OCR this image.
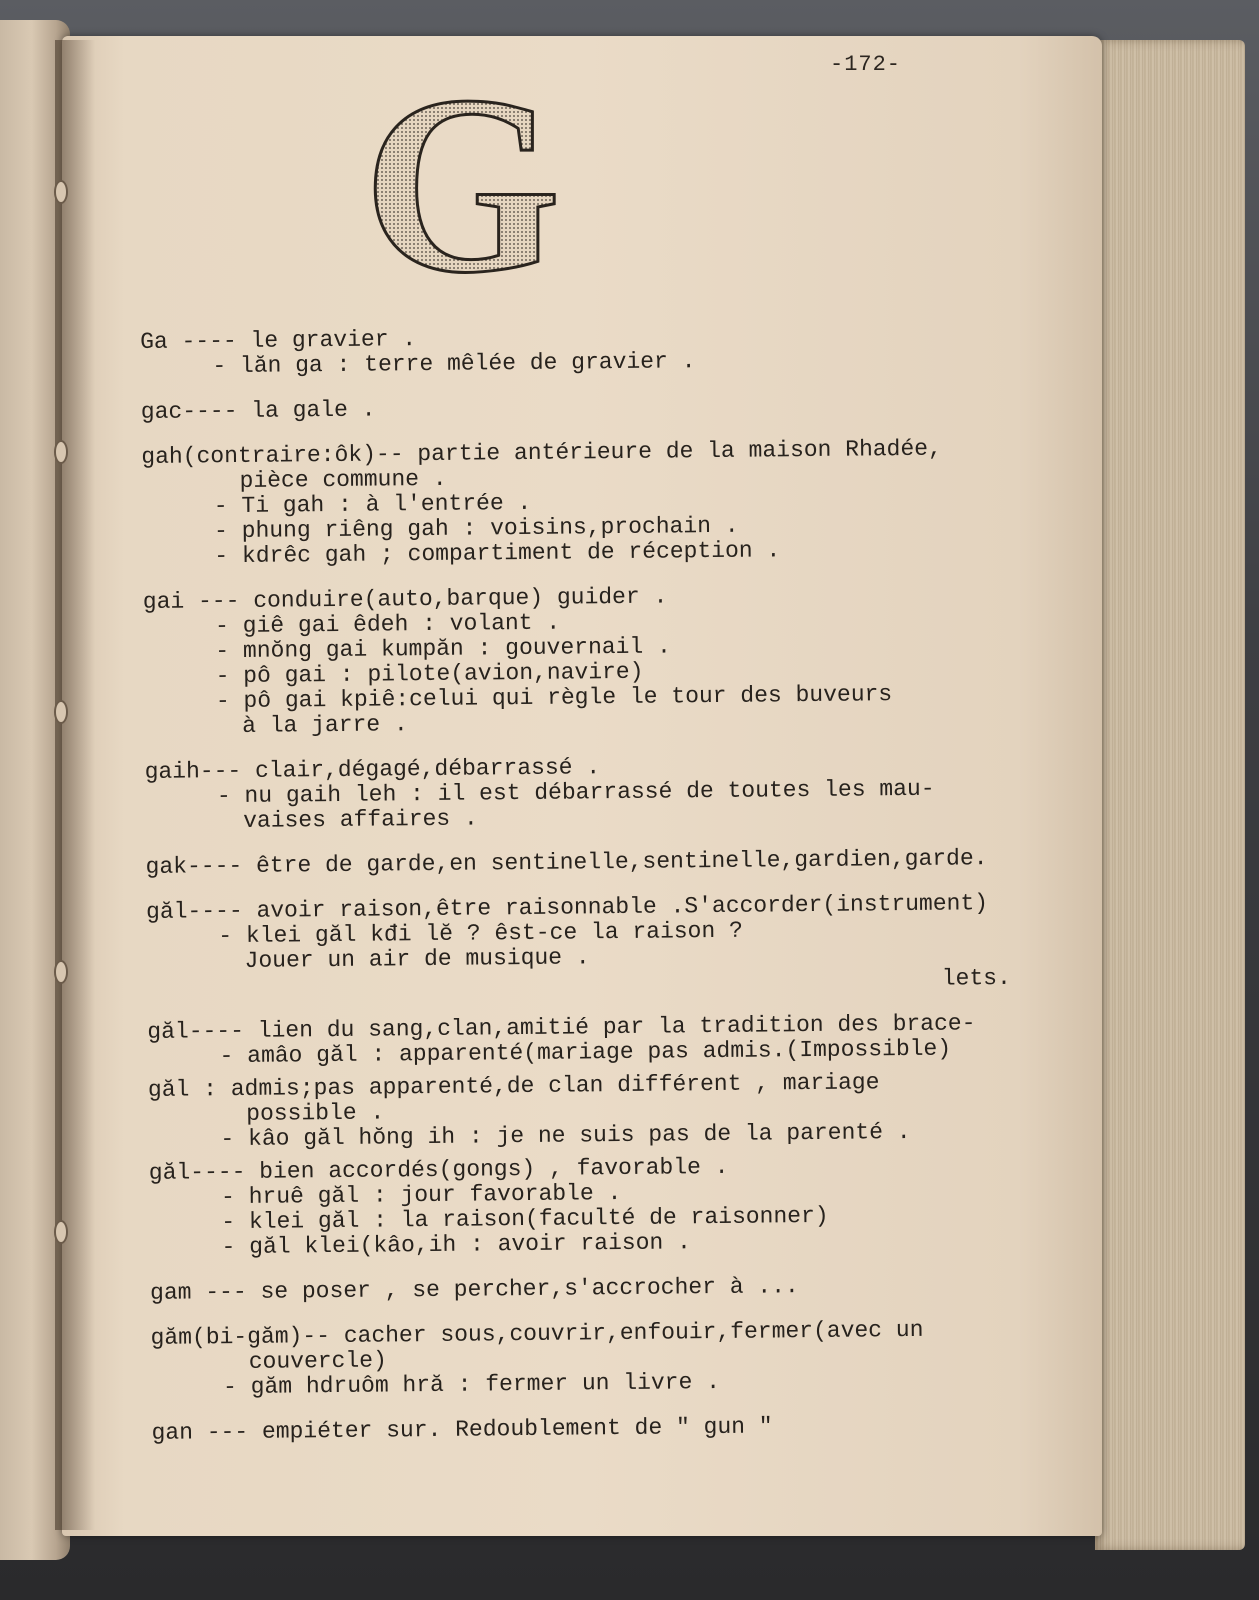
-172-
G
Ga ---- le gravier .
- lăn ga : terre mêlée de gravier .
gac---- la gale .
gah(contraire:ôk)-- partie antérieure de la maison Rhadée,
pièce commune .
- Ti gah : à l'entrée .
- phung riêng gah : voisins,prochain .
- kdrêc gah ; compartiment de réception .
gai --- conduire(auto,barque) guider .
- giê gai êdeh : volant .
- mnŏng gai kumpăn : gouvernail .
- pô gai : pilote(avion,navire)
- pô gai kpiê:celui qui règle le tour des buveurs
à la jarre .
gaih--- clair,dégagé,débarrassé .
- nu gaih leh : il est débarrassé de toutes les mau-
vaises affaires .
gak---- être de garde,en sentinelle,sentinelle,gardien,garde.
găl---- avoir raison,être raisonnable .S'accorder(instrument)
- klei găl kđi lĕ ? êst-ce la raison ?
Jouer un air de musique .
lets.
găl---- lien du sang,clan,amitié par la tradition des brace-
- amâo găl : apparenté(mariage pas admis.(Impossible)
găl : admis;pas apparenté,de clan différent , mariage
possible .
- kâo găl hŏng ih : je ne suis pas de la parenté .
găl---- bien accordés(gongs) , favorable .
- hruê găl : jour favorable .
- klei găl : la raison(faculté de raisonner)
- găl klei(kâo,ih : avoir raison .
gam --- se poser , se percher,s'accrocher à ...
găm(bi-găm)-- cacher sous,couvrir,enfouir,fermer(avec un
couvercle)
- găm hdruôm hră : fermer un livre .
gan --- empiéter sur. Redoublement de " gun "
